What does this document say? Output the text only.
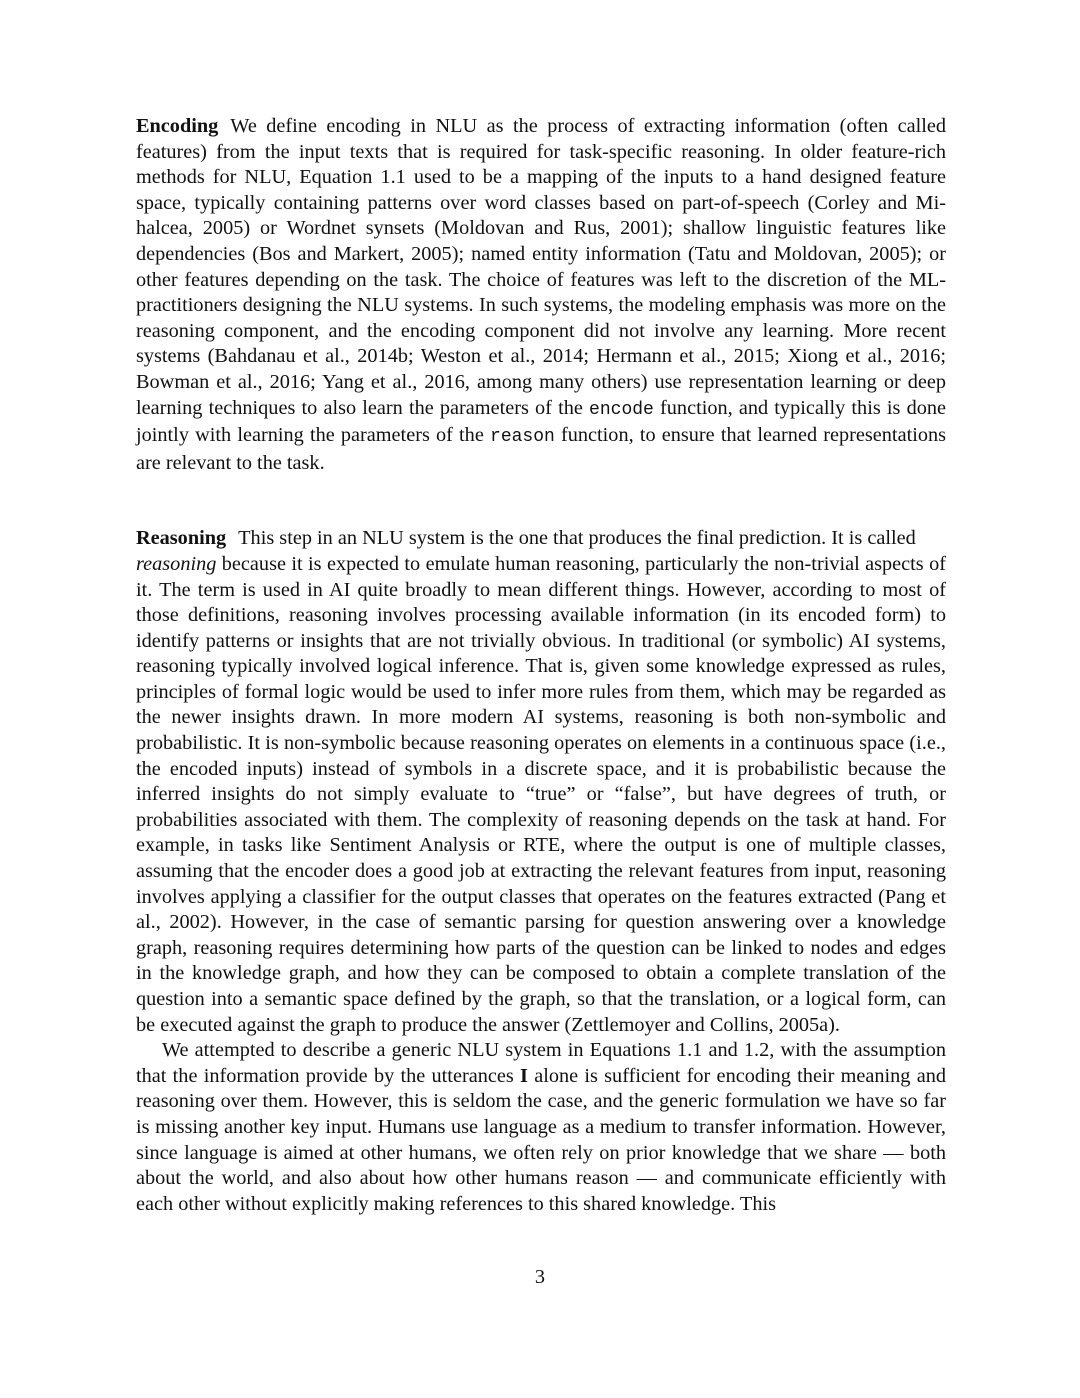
Encoding We define encoding in NLU as the process of extracting information (often called features) from the input texts that is required for task-specific reasoning. In older feature-rich methods for NLU, Equation 1.1 used to be a mapping of the inputs to a hand designed feature space, typically containing patterns over word classes based on part-of-speech (Corley and Mihalcea, 2005) or Wordnet synsets (Moldovan and Rus, 2001); shallow linguistic features like dependencies (Bos and Markert, 2005); named entity information (Tatu and Moldovan, 2005); or other features depending on the task. The choice of features was left to the discretion of the ML-practitioners designing the NLU systems. In such systems, the modeling emphasis was more on the reasoning component, and the encoding component did not involve any learning. More recent systems (Bahdanau et al., 2014b; Weston et al., 2014; Hermann et al., 2015; Xiong et al., 2016; Bowman et al., 2016; Yang et al., 2016, among many others) use representation learning or deep learning techniques to also learn the parameters of the encode function, and typically this is done jointly with learning the parameters of the reason function, to ensure that learned representations are relevant to the task.

Reasoning This step in an NLU system is the one that produces the final prediction. It is called
reasoning because it is expected to emulate human reasoning, particularly the non-trivial aspects of it. The term is used in AI quite broadly to mean different things. However, according to most of those definitions, reasoning involves processing available information (in its encoded form) to identify patterns or insights that are not trivially obvious. In traditional (or symbolic) AI systems, reasoning typically involved logical inference. That is, given some knowledge expressed as rules, principles of formal logic would be used to infer more rules from them, which may be regarded as the newer insights drawn. In more modern AI systems, reasoning is both non-symbolic and probabilistic. It is non-symbolic because reasoning operates on elements in a continuous space (i.e., the encoded inputs) instead of symbols in a discrete space, and it is probabilistic because the inferred insights do not simply evaluate to “true” or “false”, but have degrees of truth, or probabilities associated with them. The complexity of reasoning depends on the task at hand. For example, in tasks like Sentiment Analysis or RTE, where the output is one of multiple classes, assuming that the encoder does a good job at extracting the relevant features from input, reasoning involves applying a classifier for the output classes that operates on the features extracted (Pang et al., 2002). However, in the case of semantic parsing for question answering over a knowledge graph, reasoning requires determining how parts of the question can be linked to nodes and edges in the knowledge graph, and how they can be composed to obtain a complete translation of the question into a semantic space defined by the graph, so that the translation, or a logical form, can be executed against the graph to produce the answer (Zettlemoyer and Collins, 2005a).

We attempted to describe a generic NLU system in Equations 1.1 and 1.2, with the assumption that the information provide by the utterances I alone is sufficient for encoding their meaning and reasoning over them. However, this is seldom the case, and the generic formulation we have so far is missing another key input. Humans use language as a medium to transfer information. However, since language is aimed at other humans, we often rely on prior knowledge that we share — both about the world, and also about how other humans reason — and communicate efficiently with each other without explicitly making references to this shared knowledge. This

3
